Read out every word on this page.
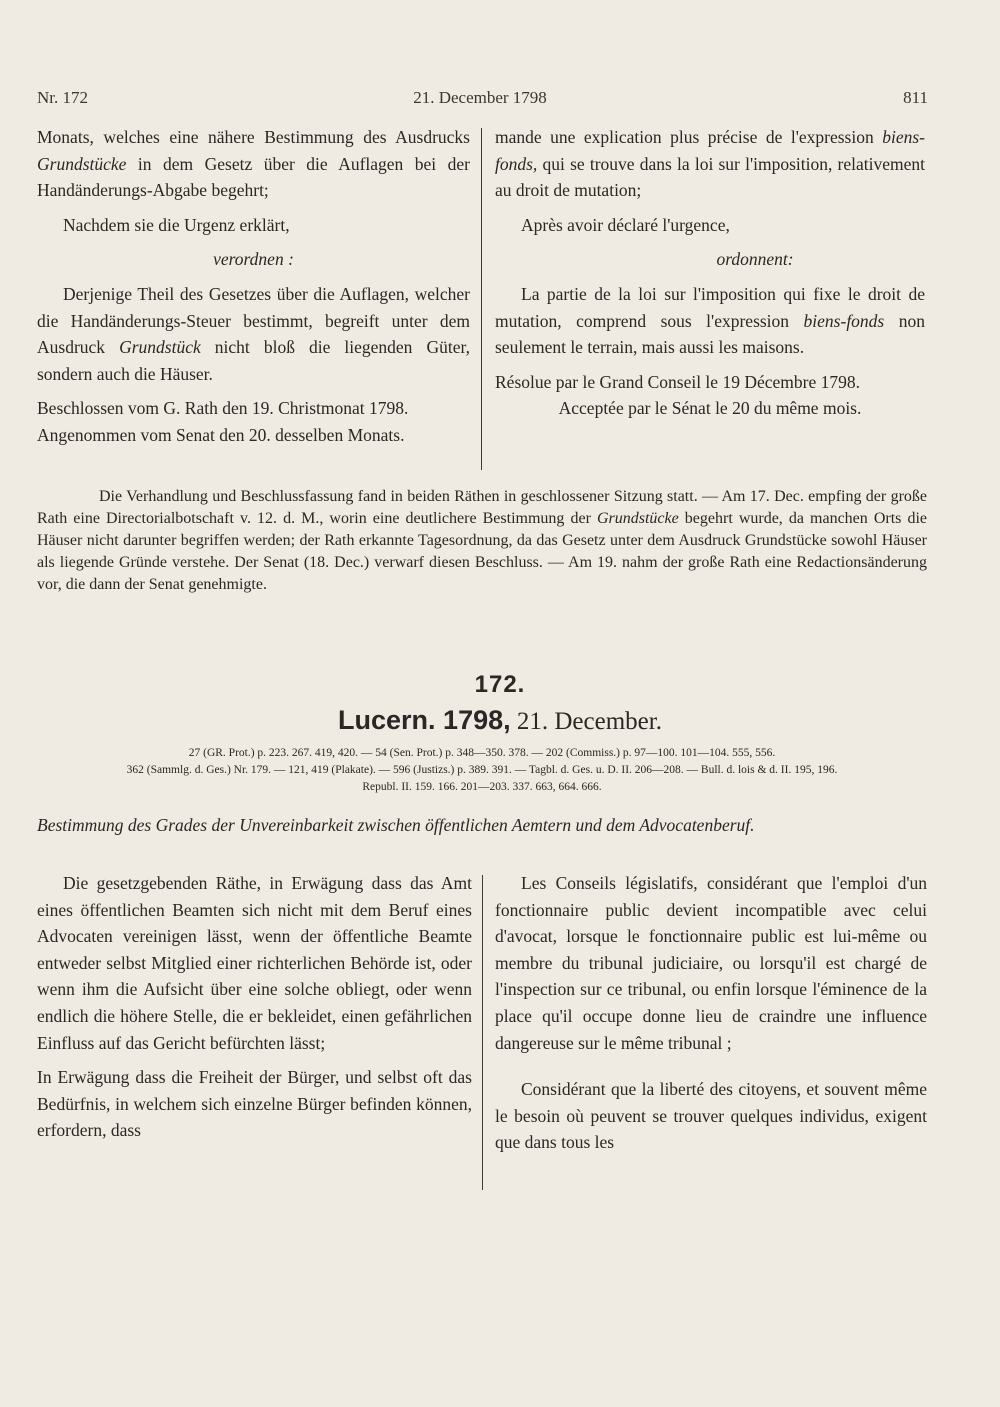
Nr. 172	21. December 1798	811

Monats, welches eine nähere Bestimmung des Ausdrucks Grundstücke in dem Gesetz über die Auflagen bei der Handänderungs-Abgabe begehrt;

Nachdem sie die Urgenz erklärt,

verordnen :

Derjenige Theil des Gesetzes über die Auflagen, welcher die Handänderungs-Steuer bestimmt, begreift unter dem Ausdruck Grundstück nicht bloß die liegenden Güter, sondern auch die Häuser.

Beschlossen vom G. Rath den 19. Christmonat 1798.

Angenommen vom Senat den 20. desselben Monats.

mande une explication plus précise de l'expression biens-fonds, qui se trouve dans la loi sur l'imposition, relativement au droit de mutation;

Après avoir déclaré l'urgence,

ordonnent:

La partie de la loi sur l'imposition qui fixe le droit de mutation, comprend sous l'expression biens-fonds non seulement le terrain, mais aussi les maisons.

Résolue par le Grand Conseil le 19 Décembre 1798.

Acceptée par le Sénat le 20 du même mois.

Die Verhandlung und Beschlussfassung fand in beiden Räthen in geschlossener Sitzung statt. — Am 17. Dec. empfing der große Rath eine Directorialbotschaft v. 12. d. M., worin eine deutlichere Bestimmung der Grundstücke begehrt wurde, da manchen Orts die Häuser nicht darunter begriffen werden; der Rath erkannte Tagesordnung, da das Gesetz unter dem Ausdruck Grundstücke sowohl Häuser als liegende Gründe verstehe. Der Senat (18. Dec.) verwarf diesen Beschluss. — Am 19. nahm der große Rath eine Redactionsänderung vor, die dann der Senat genehmigte.

172.
Lucern. 1798, 21. December.

27 (GR. Prot.) p. 223. 267. 419, 420. — 54 (Sen. Prot.) p. 348—350. 378. — 202 (Commiss.) p. 97—100. 101—104. 555, 556.

362 (Sammlg. d. Ges.) Nr. 179. — 121, 419 (Plakate). — 596 (Justizs.) p. 389. 391. — Tagbl. d. Ges. u. D. II. 206—208. — Bull. d. lois & d. II. 195, 196.

Republ. II. 159. 166. 201—203. 337. 663, 664. 666.

Bestimmung des Grades der Unvereinbarkeit zwischen öffentlichen Aemtern und dem Advocatenberuf.

Die gesetzgebenden Räthe, in Erwägung dass das Amt eines öffentlichen Beamten sich nicht mit dem Beruf eines Advocaten vereinigen lässt, wenn der öffentliche Beamte entweder selbst Mitglied einer richterlichen Behörde ist, oder wenn ihm die Aufsicht über eine solche obliegt, oder wenn endlich die höhere Stelle, die er bekleidet, einen gefährlichen Einfluss auf das Gericht befürchten lässt;

In Erwägung dass die Freiheit der Bürger, und selbst oft das Bedürfnis, in welchem sich einzelne Bürger befinden können, erfordern, dass

Les Conseils législatifs, considérant que l'emploi d'un fonctionnaire public devient incompatible avec celui d'avocat, lorsque le fonctionnaire public est lui-même ou membre du tribunal judiciaire, ou lorsqu'il est chargé de l'inspection sur ce tribunal, ou enfin lorsque l'éminence de la place qu'il occupe donne lieu de craindre une influence dangereuse sur le même tribunal ;

Considérant que la liberté des citoyens, et souvent même le besoin où peuvent se trouver quelques individus, exigent que dans tous les
